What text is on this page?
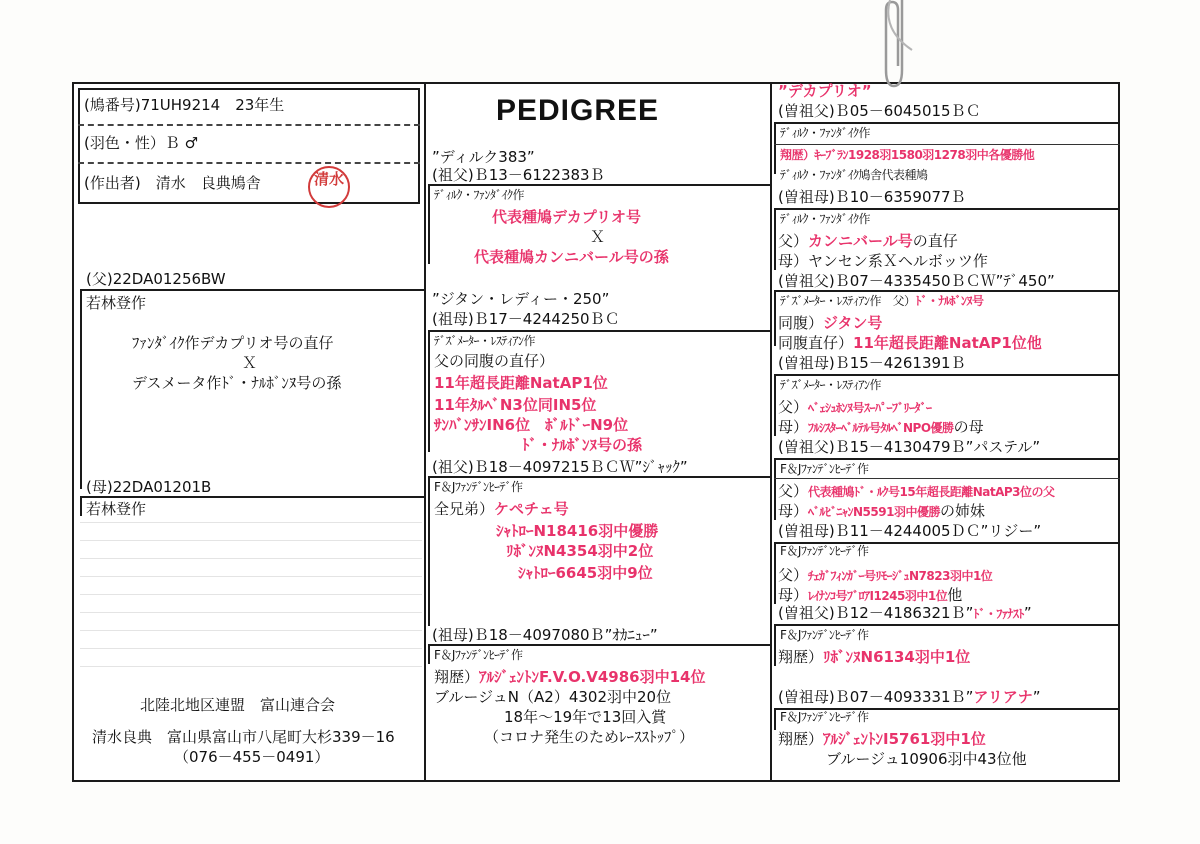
(鳩番号)71UH9214　23年生
(羽色・性）Ｂ ♂
(作出者)　清水　良典鳩舎	清水
(父)22DA01256BW
若林登作
ﾌｧﾝﾀﾞｲｸ作デカプリオ号の直仔
Ｘ
デスメータ作ﾄﾞ・ﾅﾙﾎﾞﾝﾇ号の孫
(母)22DA01201B
若林登作
北陸北地区連盟　富山連合会
清水良典　富山県富山市八尾町大杉339－16
（076－455－0491）
PEDIGREE
”ディルク383”
(祖父)Ｂ13－6122383Ｂ
ﾃﾞｨﾙｸ・ﾌｧﾝﾀﾞｲｸ作
代表種鳩デカプリオ号
Ｘ
代表種鳩カンニバール号の孫
”ジタン・レディー・250”
(祖母)Ｂ17－4244250ＢＣ
ﾃﾞｽﾞﾒｰﾀｰ・ﾚｽﾃｨｱﾝ作
父の同腹の直仔）
11年超長距離NatAP1位
11年ﾀﾙﾍﾞN3位同IN5位
ｻﾝﾊﾞﾝｻﾝIN6位　ﾎﾞﾙﾄﾞｰN9位
ﾄﾞ・ﾅﾙﾎﾞﾝﾇ号の孫
(祖父)Ｂ18－4097215ＢＣＷ”ｼﾞｬｯｸ”
F＆Jﾌｧﾝﾃﾞﾝﾋｰﾃﾞ作
全兄弟）ケペチェ号
ｼｬﾄﾛｰN18416羽中優勝
ﾘﾎﾞﾝﾇN4354羽中2位
ｼｬﾄﾛｰ6645羽中9位
(祖母)Ｂ18－4097080Ｂ”ｵｶﾆｭｰ”
F＆Jﾌｧﾝﾃﾞﾝﾋｰﾃﾞ作
翔歴）ｱﾙｼﾞｪﾝﾄﾝF.V.O.V4986羽中14位
ブルージュN（A2）4302羽中20位
18年～19年で13回入賞
（コロナ発生のためﾚｰｽｽﾄｯﾌﾟ）
”デカプリオ”
(曽祖父)Ｂ05－6045015ＢＣ
ﾃﾞｨﾙｸ・ﾌｧﾝﾀﾞｲｸ作
翔歴）ｷｰﾌﾞﾗﾝ1928羽1580羽1278羽中各優勝他
ﾃﾞｨﾙｸ・ﾌｧﾝﾀﾞｲｸ鳩舎代表種鳩
(曽祖母)Ｂ10－6359077Ｂ
ﾃﾞｨﾙｸ・ﾌｧﾝﾀﾞｲｸ作
父）カンニバール号の直仔
母）ヤンセン系Ｘヘルボッツ作
(曽祖父)Ｂ07－4335450ＢＣＷ”ﾃﾞ450”
ﾃﾞｽﾞﾒｰﾀｰ・ﾚｽﾃｨｱﾝ作　父）ﾄﾞ・ﾅﾙﾎﾞﾝﾇ号
同腹）ジタン号
同腹直仔）11年超長距離NatAP1位他
(曽祖母)Ｂ15－4261391Ｂ
ﾃﾞｽﾞﾒｰﾀｰ・ﾚｽﾃｨｱﾝ作
父）ﾍﾞｪｼｭﾎﾝﾇ号ｽｰﾊﾟｰﾌﾞﾘｰﾀﾞｰ
母）ﾌﾙｼｽﾀｰﾍﾞﾙﾃﾙ号ﾀﾙﾍﾞNPO優勝の母
(曽祖父)Ｂ15－4130479Ｂ”パステル”
F＆Jﾌｧﾝﾃﾞﾝﾋｰﾃﾞ作
父）代表種鳩ﾄﾞ・ﾙｸ号15年超長距離NatAP3位の父
母）ﾍﾞﾙﾋﾞﾆｬﾝN5591羽中優勝の姉妹
(曽祖母)Ｂ11－4244005ＤＣ”リジー”
F＆Jﾌｧﾝﾃﾞﾝﾋｰﾃﾞ作
父）ﾁｪｶﾞﾌｨﾝｶﾞｰ号ﾘﾓｰｼﾞｭN7823羽中1位
母）ﾚｲﾅﾝｺ号ﾌﾞﾛｱⅠ1245羽中1位他
(曽祖父)Ｂ12－4186321Ｂ”ﾄﾞ・ﾌｧﾅｽﾄ”
F＆Jﾌｧﾝﾃﾞﾝﾋｰﾃﾞ作
翔歴）ﾘﾎﾞﾝﾇN6134羽中1位
(曽祖母)Ｂ07－4093331Ｂ”アリアナ”
F＆Jﾌｧﾝﾃﾞﾝﾋｰﾃﾞ作
翔歴）ｱﾙｼﾞｪﾝﾄﾝⅠ5761羽中1位
ブルージュ10906羽中43位他
